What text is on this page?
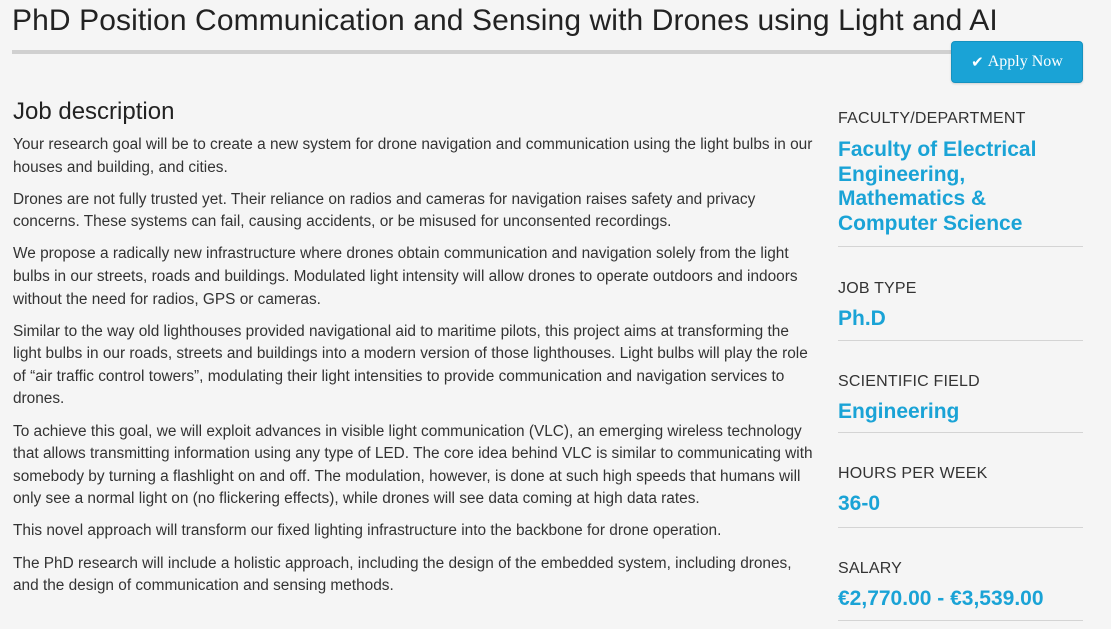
PhD Position Communication and Sensing with Drones using Light and AI
✔ Apply Now
Job description

Your research goal will be to create a new system for drone navigation and communication using the light bulbs in our houses and building, and cities.

Drones are not fully trusted yet. Their reliance on radios and cameras for navigation raises safety and privacy concerns. These systems can fail, causing accidents, or be misused for unconsented recordings.

We propose a radically new infrastructure where drones obtain communication and navigation solely from the light bulbs in our streets, roads and buildings. Modulated light intensity will allow drones to operate outdoors and indoors without the need for radios, GPS or cameras.

Similar to the way old lighthouses provided navigational aid to maritime pilots, this project aims at transforming the light bulbs in our roads, streets and buildings into a modern version of those lighthouses. Light bulbs will play the role of “air traffic control towers”, modulating their light intensities to provide communication and navigation services to drones.

To achieve this goal, we will exploit advances in visible light communication (VLC), an emerging wireless technology that allows transmitting information using any type of LED. The core idea behind VLC is similar to communicating with somebody by turning a flashlight on and off. The modulation, however, is done at such high speeds that humans will only see a normal light on (no flickering effects), while drones will see data coming at high data rates.

This novel approach will transform our fixed lighting infrastructure into the backbone for drone operation.

The PhD research will include a holistic approach, including the design of the embedded system, including drones, and the design of communication and sensing methods.

FACULTY/DEPARTMENT
Faculty of Electrical Engineering, Mathematics & Computer Science
JOB TYPE
Ph.D
SCIENTIFIC FIELD
Engineering
HOURS PER WEEK
36-0
SALARY
€2,770.00 - €3,539.00
